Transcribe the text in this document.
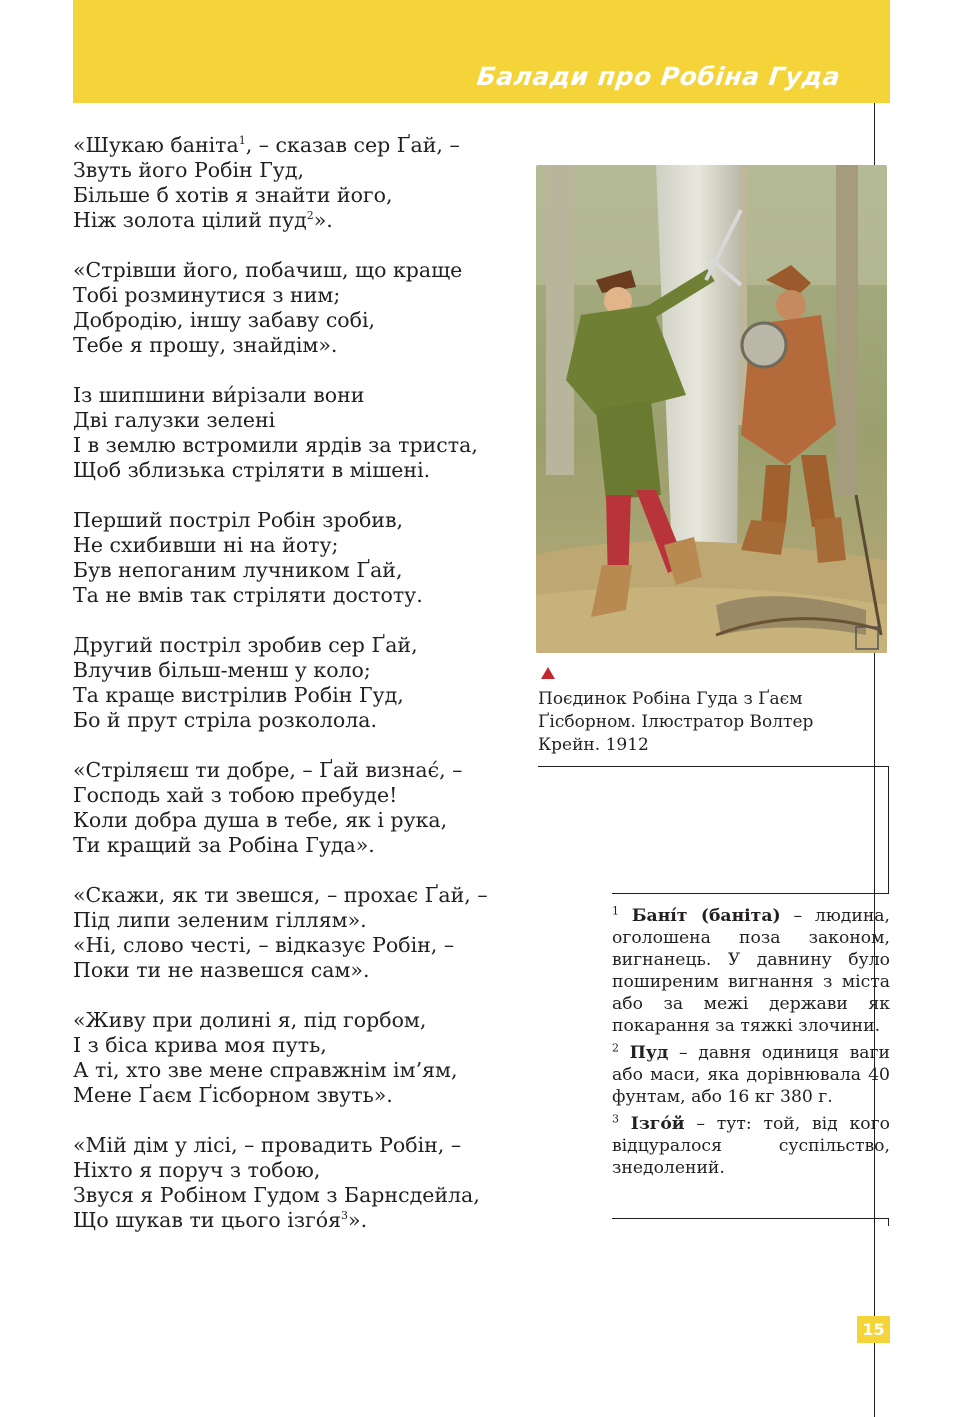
Балади про Робіна Гуда
«Шукаю баніта$^1$, – сказав сер Ґай, –
Звуть його Робін Гуд,
Більше б хотів я знайти його,
Ніж золота цілий пуд$^2$».
«Стрівши його, побачиш, що краще
Тобі розминутися з ним;
Добродію, іншу забаву собі,
Тебе я прошу, знайдім».
Із шипшини ви́різали вони
Дві галузки зелені
І в землю встромили ярдів за триста,
Щоб зблизька стріляти в мішені.
Перший постріл Робін зробив,
Не схибивши ні на йоту;
Був непоганим лучником Ґай,
Та не вмів так стріляти достоту.
Другий постріл зробив сер Ґай,
Влучив більш-менш у коло;
Та краще вистрілив Робін Гуд,
Бо й прут стріла розколола.
«Стріляєш ти добре, – Ґай визнає́, –
Господь хай з тобою пребуде!
Коли добра душа в тебе, як і рука,
Ти кращий за Робіна Гуда».
«Скажи, як ти звешся, – прохає Ґай, –
Під липи зеленим гіллям».
«Ні, слово честі, – відказує Робін, –
Поки ти не назвешся сам».
«Живу при долині я, під горбом,
І з біса крива моя путь,
А ті, хто зве мене справжнім ім’ям,
Мене Ґаєм Ґісборном звуть».
«Мій дім у лісі, – провадить Робін, –
Ніхто я поруч з тобою,
Звуся я Робіном Гудом з Барнсдейла,
Що шукав ти цього $ізго́я^3$».
Поєдинок Робіна Гуда з Ґаєм Ґісборном. Ілюстратор Волтер Крейн. 1912
$^1$ Бані́т (баніта) – людина, оголошена поза законом, вигнанець. У давнину було поширеним вигнання з міста або за межі держави як покарання за тяжкі злочини.
$^2$ Пуд – давня одиниця ваги або маси, яка дорівнювала 40 фунтам, або 16 кг 380 г.
$^3$ Ізго́й – тут: той, від кого відцуралося суспільство, знедолений.
15
